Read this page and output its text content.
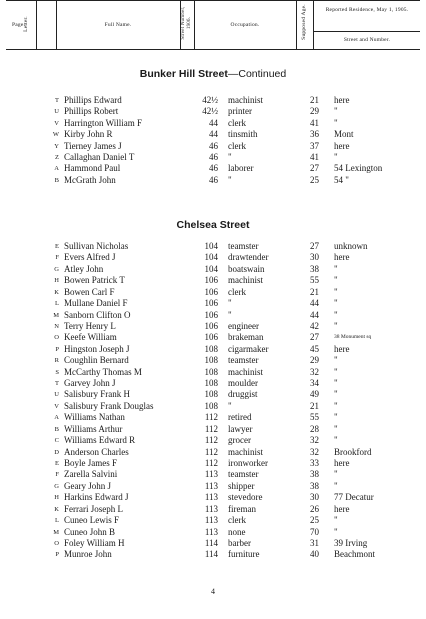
Page.
Letter.	Full Name.	Street Number, 1906.	Occupation.	Supposed Age.	Reported Residence, May 1, 1905.
Street and Number.
Bunker Hill Street—Continued
T Phillips Edward	42½ machinist	21 here
U Phillips Robert	42½ printer	29 "
V Harrington William F	44 clerk	41 "
W Kirby John R	44 tinsmith	36 Mont
Y Tierney James J	46 clerk	37 here
Z Callaghan Daniel T	46 "	41 "
A Hammond Paul	46 laborer	27 54 Lexington
B McGrath John	46 "	25 54 "
Chelsea Street
E Sullivan Nicholas	104 teamster	27 unknown
F Evers Alfred J	104 drawtender	30 here
G Atley John	104 boatswain	38 "
H Bowen Patrick T	106 machinist	55 "
K Bowen Carl F	106 clerk	21 "
L Mullane Daniel F	106 "	44 "
M Sanborn Clifton O	106 "	44 "
N Terry Henry L	106 engineer	42 "
O Keefe William	106 brakeman	27	38 Monument sq
P Hingston Joseph J	108 cigarmaker	45 here
R Coughlin Bernard	108 teamster	29 "
S McCarthy Thomas M	108 machinist	32 "
T Garvey John J	108 moulder	34 "
U Salisbury Frank H	108 druggist	49 "
V Salisbury Frank Douglas	108 "	21 "
A Williams Nathan	112 retired	55 "
B Williams Arthur	112 lawyer	28 "
C Williams Edward R	112 grocer	32 "
D Anderson Charles	112 machinist	32 Brookford
E Boyle James F	112 ironworker	33 here
F Zarella Salvini	113 teamster	38 "
G Geary John J	113 shipper	38 "
H Harkins Edward J	113 stevedore	30 77 Decatur
K Ferrari Joseph L	113 fireman	26 here
L Cuneo Lewis F	113 clerk	25 "
M Cuneo John B	113 none	70 "
O Foley William H	114 barber	31 39 Irving
P Munroe John	114 furniture	40 Beachmont
4
